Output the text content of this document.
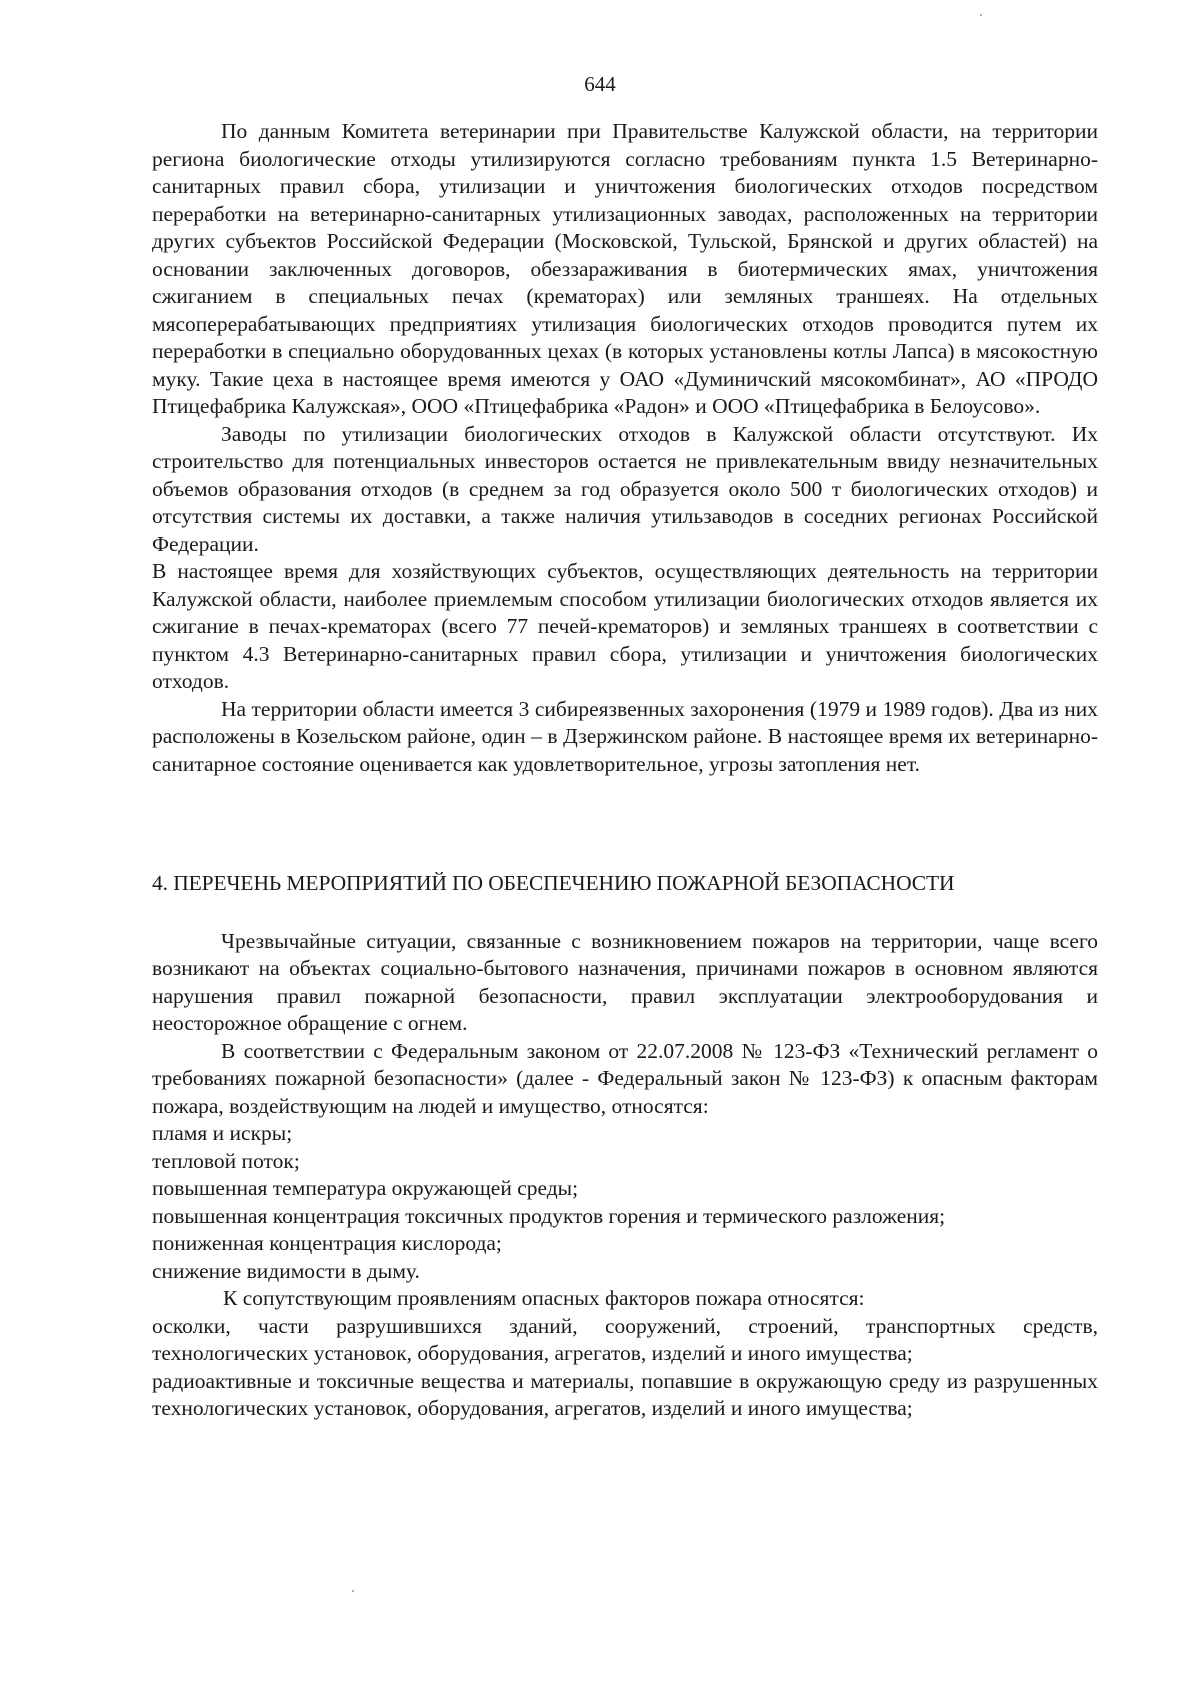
644

По данным Комитета ветеринарии при Правительстве Калужской области, на территории региона биологические отходы утилизируются согласно требованиям пункта 1.5 Ветеринарно-санитарных правил сбора, утилизации и уничтожения биологических отходов посредством переработки на ветеринарно-санитарных утилизационных заводах, расположенных на территории других субъектов Российской Федерации (Московской, Тульской, Брянской и других областей) на основании заключенных договоров, обеззараживания в биотермических ямах, уничтожения сжиганием в специальных печах (крематорах) или земляных траншеях. На отдельных мясоперерабатывающих предприятиях утилизация биологических отходов проводится путем их переработки в специально оборудованных цехах (в которых установлены котлы Лапса) в мясокостную муку. Такие цеха в настоящее время имеются у ОАО «Думиничский мясокомбинат», АО «ПРОДО Птицефабрика Калужская», ООО «Птицефабрика «Радон» и ООО «Птицефабрика в Белоусово».

Заводы по утилизации биологических отходов в Калужской области отсутствуют. Их строительство для потенциальных инвесторов остается не привлекательным ввиду незначительных объемов образования отходов (в среднем за год образуется около 500 т биологических отходов) и отсутствия системы их доставки, а также наличия утильзаводов в соседних регионах Российской Федерации.

В настоящее время для хозяйствующих субъектов, осуществляющих деятельность на территории Калужской области, наиболее приемлемым способом утилизации биологических отходов является их сжигание в печах-крематорах (всего 77 печей-крематоров) и земляных траншеях в соответствии с пунктом 4.3 Ветеринарно-санитарных правил сбора, утилизации и уничтожения биологических отходов.

На территории области имеется 3 сибиреязвенных захоронения (1979 и 1989 годов). Два из них расположены в Козельском районе, один – в Дзержинском районе. В настоящее время их ветеринарно-санитарное состояние оценивается как удовлетворительное, угрозы затопления нет.

4. ПЕРЕЧЕНЬ МЕРОПРИЯТИЙ ПО ОБЕСПЕЧЕНИЮ ПОЖАРНОЙ БЕЗОПАСНОСТИ

Чрезвычайные ситуации, связанные с возникновением пожаров на территории, чаще всего возникают на объектах социально-бытового назначения, причинами пожаров в основном являются нарушения правил пожарной безопасности, правил эксплуатации электрооборудования и неосторожное обращение с огнем.

В соответствии с Федеральным законом от 22.07.2008 № 123-ФЗ «Технический регламент о требованиях пожарной безопасности» (далее - Федеральный закон № 123-ФЗ) к опасным факторам пожара, воздействующим на людей и имущество, относятся:

пламя и искры;
тепловой поток;
повышенная температура окружающей среды;
повышенная концентрация токсичных продуктов горения и термического разложения;
пониженная концентрация кислорода;
снижение видимости в дыму.

К сопутствующим проявлениям опасных факторов пожара относятся:

осколки, части разрушившихся зданий, сооружений, строений, транспортных средств, технологических установок, оборудования, агрегатов, изделий и иного имущества;
радиоактивные и токсичные вещества и материалы, попавшие в окружающую среду из разрушенных технологических установок, оборудования, агрегатов, изделий и иного имущества;
